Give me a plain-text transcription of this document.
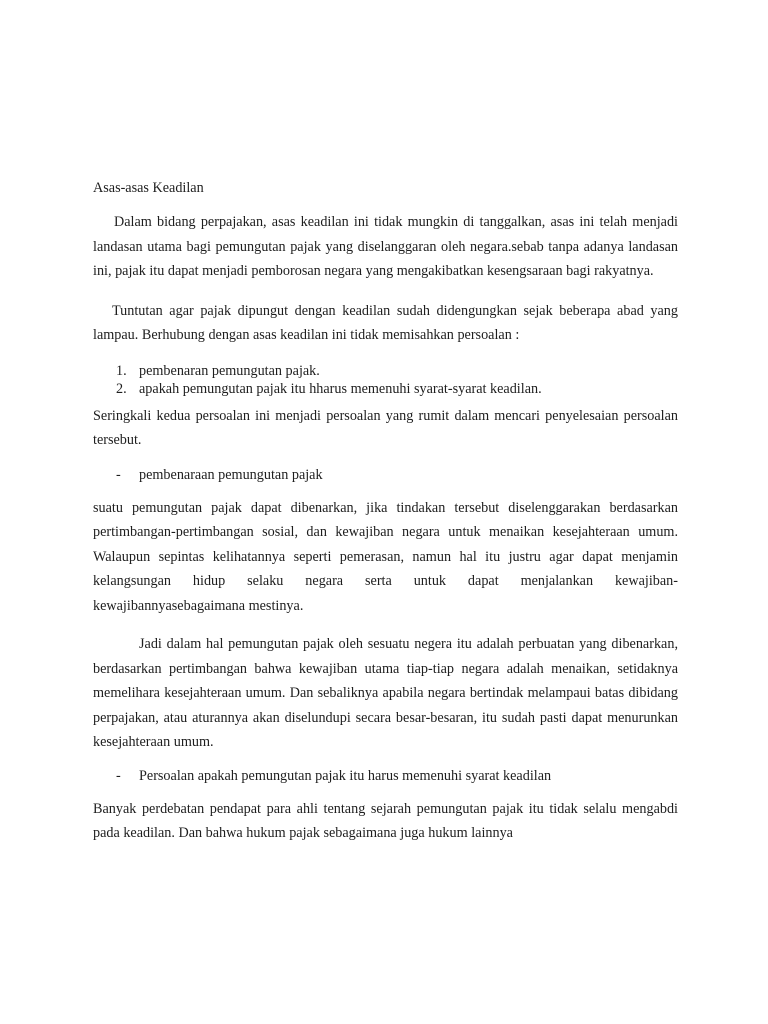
Asas-asas Keadilan

Dalam bidang perpajakan, asas keadilan ini tidak mungkin di tanggalkan, asas ini telah menjadi landasan utama bagi pemungutan pajak yang diselanggaran oleh negara.sebab tanpa adanya landasan ini, pajak itu dapat menjadi pemborosan negara yang mengakibatkan kesengsaraan bagi rakyatnya.

Tuntutan agar pajak dipungut dengan keadilan sudah didengungkan sejak beberapa abad yang lampau. Berhubung dengan asas keadilan ini tidak memisahkan persoalan :

1. pembenaran pemungutan pajak.
2. apakah pemungutan pajak itu hharus memenuhi syarat-syarat keadilan.

Seringkali kedua persoalan ini menjadi persoalan yang rumit dalam mencari penyelesaian persoalan tersebut.

- pembenaraan pemungutan pajak

suatu pemungutan pajak dapat dibenarkan, jika tindakan tersebut diselenggarakan berdasarkan pertimbangan-pertimbangan sosial, dan kewajiban negara untuk menaikan kesejahteraan umum. Walaupun sepintas kelihatannya seperti pemerasan, namun hal itu justru agar dapat menjamin kelangsungan hidup selaku negara serta untuk dapat menjalankan kewajiban-kewajibannyasebagaimana mestinya.

Jadi dalam hal pemungutan pajak oleh sesuatu negera itu adalah perbuatan yang dibenarkan, berdasarkan pertimbangan bahwa kewajiban utama tiap-tiap negara adalah menaikan, setidaknya memelihara kesejahteraan umum. Dan sebaliknya apabila negara bertindak melampaui batas dibidang perpajakan, atau aturannya akan diselundupi secara besar-besaran, itu sudah pasti dapat menurunkan kesejahteraan umum.

- Persoalan apakah pemungutan pajak itu harus memenuhi syarat keadilan

Banyak perdebatan pendapat para ahli tentang sejarah pemungutan pajak itu tidak selalu mengabdi pada keadilan. Dan bahwa hukum pajak sebagaimana juga hukum lainnya
